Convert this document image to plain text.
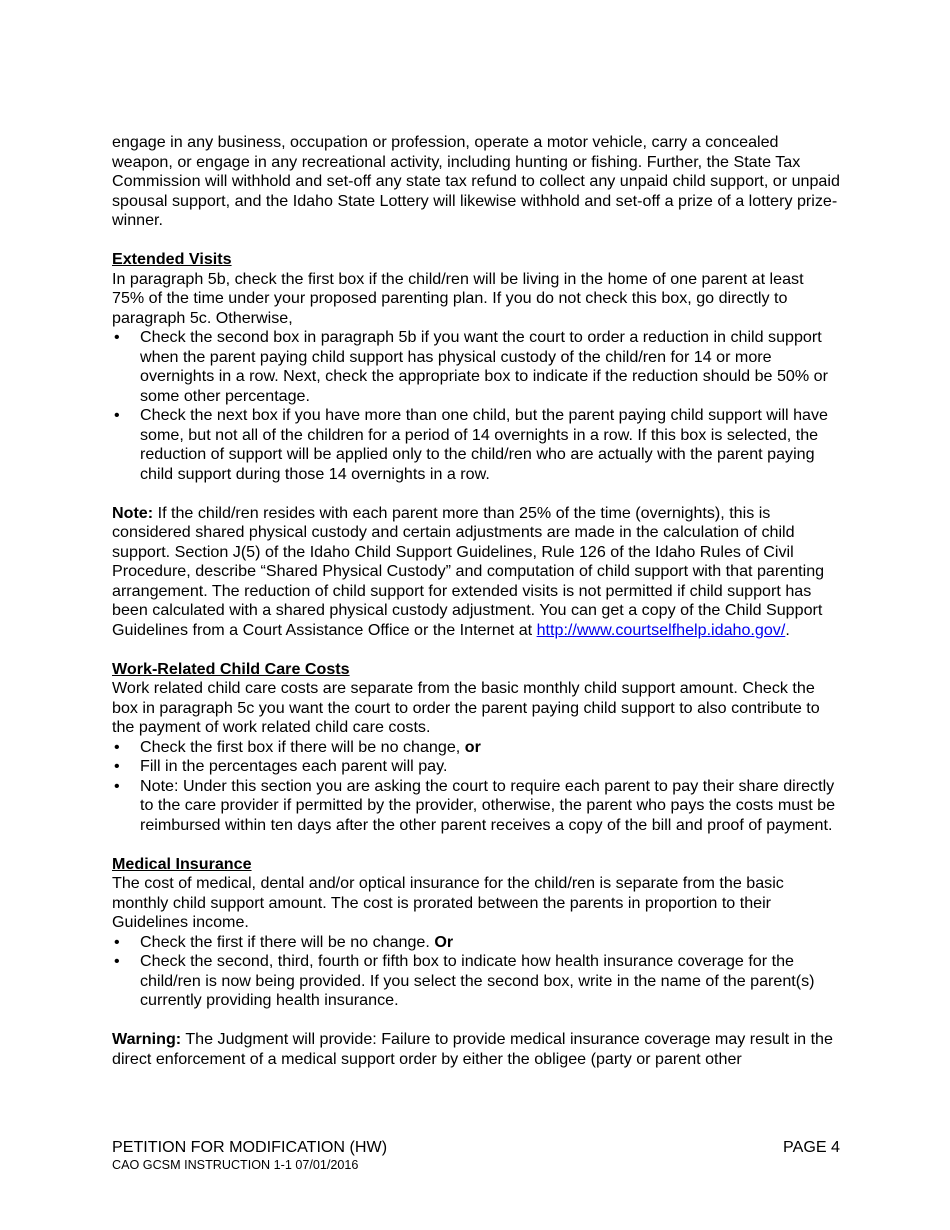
engage in any business, occupation or profession, operate a motor vehicle, carry a concealed weapon, or engage in any recreational activity, including hunting or fishing. Further, the State Tax Commission will withhold and set-off any state tax refund to collect any unpaid child support, or unpaid spousal support, and the Idaho State Lottery will likewise withhold and set-off a prize of a lottery prize-winner.

Extended Visits

In paragraph 5b, check the first box if the child/ren will be living in the home of one parent at least 75% of the time under your proposed parenting plan. If you do not check this box, go directly to paragraph 5c. Otherwise,

• Check the second box in paragraph 5b if you want the court to order a reduction in child support when the parent paying child support has physical custody of the child/ren for 14 or more overnights in a row. Next, check the appropriate box to indicate if the reduction should be 50% or some other percentage.
• Check the next box if you have more than one child, but the parent paying child support will have some, but not all of the children for a period of 14 overnights in a row. If this box is selected, the reduction of support will be applied only to the child/ren who are actually with the parent paying child support during those 14 overnights in a row.

Note: If the child/ren resides with each parent more than 25% of the time (overnights), this is considered shared physical custody and certain adjustments are made in the calculation of child support. Section J(5) of the Idaho Child Support Guidelines, Rule 126 of the Idaho Rules of Civil Procedure, describe “Shared Physical Custody” and computation of child support with that parenting arrangement. The reduction of child support for extended visits is not permitted if child support has been calculated with a shared physical custody adjustment. You can get a copy of the Child Support Guidelines from a Court Assistance Office or the Internet at http://www.courtselfhelp.idaho.gov/.

Work-Related Child Care Costs

Work related child care costs are separate from the basic monthly child support amount. Check the box in paragraph 5c you want the court to order the parent paying child support to also contribute to the payment of work related child care costs.

• Check the first box if there will be no change, or
• Fill in the percentages each parent will pay.
• Note: Under this section you are asking the court to require each parent to pay their share directly to the care provider if permitted by the provider, otherwise, the parent who pays the costs must be reimbursed within ten days after the other parent receives a copy of the bill and proof of payment.
Medical Insurance

The cost of medical, dental and/or optical insurance for the child/ren is separate from the basic monthly child support amount. The cost is prorated between the parents in proportion to their Guidelines income.

• Check the first if there will be no change. Or
• Check the second, third, fourth or fifth box to indicate how health insurance coverage for the child/ren is now being provided. If you select the second box, write in the name of the parent(s) currently providing health insurance.

Warning: The Judgment will provide: Failure to provide medical insurance coverage may result in the direct enforcement of a medical support order by either the obligee (party or parent other

PETITION FOR MODIFICATION (HW)	PAGE 4
CAO GCSM INSTRUCTION 1-1 07/01/2016
